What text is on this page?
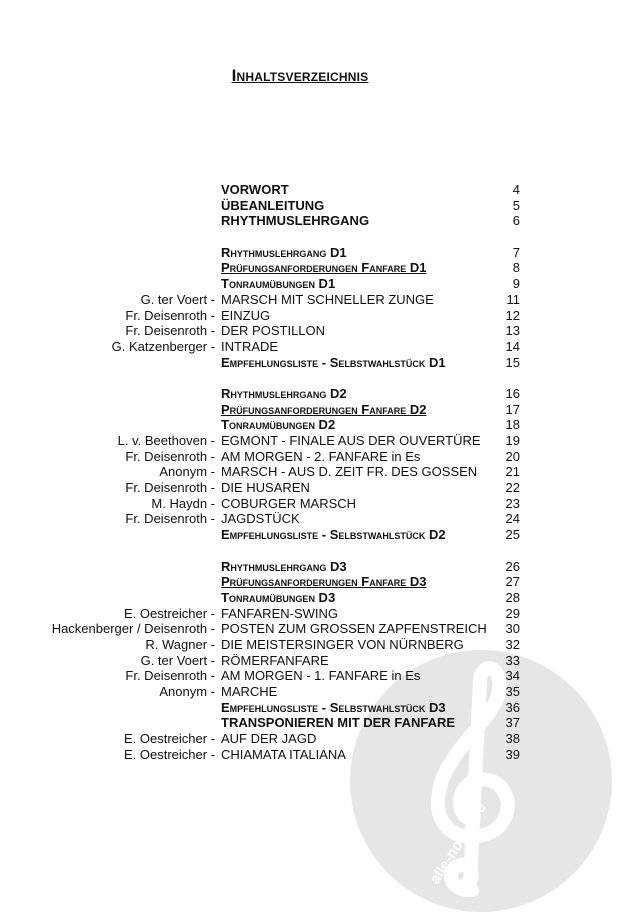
alle-noten.de
Inhaltsverzeichnis
VORWORT	4
ÜBEANLEITUNG	5
RHYTHMUSLEHRGANG	6
Rhythmuslehrgang D1	7
Prüfungsanforderungen Fanfare D1	8
Tonraumübungen D1	9
G. ter Voert - MARSCH MIT SCHNELLER ZUNGE	11
Fr. Deisenroth - EINZUG	12
Fr. Deisenroth - DER POSTILLON	13
G. Katzenberger - INTRADE	14
Empfehlungsliste - Selbstwahlstück D1	15
Rhythmuslehrgang D2	16
Prüfungsanforderungen Fanfare D2	17
Tonraumübungen D2	18
L. v. Beethoven - EGMONT - FINALE AUS DER OUVERTÜRE 19
Fr. Deisenroth - AM MORGEN - 2. FANFARE in Es	20
Anonym - MARSCH - AUS D. ZEIT FR. DES GOSSEN 21
Fr. Deisenroth - DIE HUSAREN	22
M. Haydn - COBURGER MARSCH	23
Fr. Deisenroth - JAGDSTÜCK	24
Empfehlungsliste - Selbstwahlstück D2	25
Rhythmuslehrgang D3	26
Prüfungsanforderungen Fanfare D3	27
Tonraumübungen D3	28
E. Oestreicher - FANFAREN-SWING	29
Hackenberger / Deisenroth - POSTEN ZUM GROSSEN ZAPFENSTREICH 30
R. Wagner - DIE MEISTERSINGER VON NÜRNBERG	32
G. ter Voert - RÖMERFANFARE	33
Fr. Deisenroth - AM MORGEN - 1. FANFARE in Es	34
Anonym - MARCHE	35
Empfehlungsliste - Selbstwahlstück D3	36
TRANSPONIEREN MIT DER FANFARE	37
E. Oestreicher - AUF DER JAGD	38
E. Oestreicher - CHIAMATA ITALIANA	39
